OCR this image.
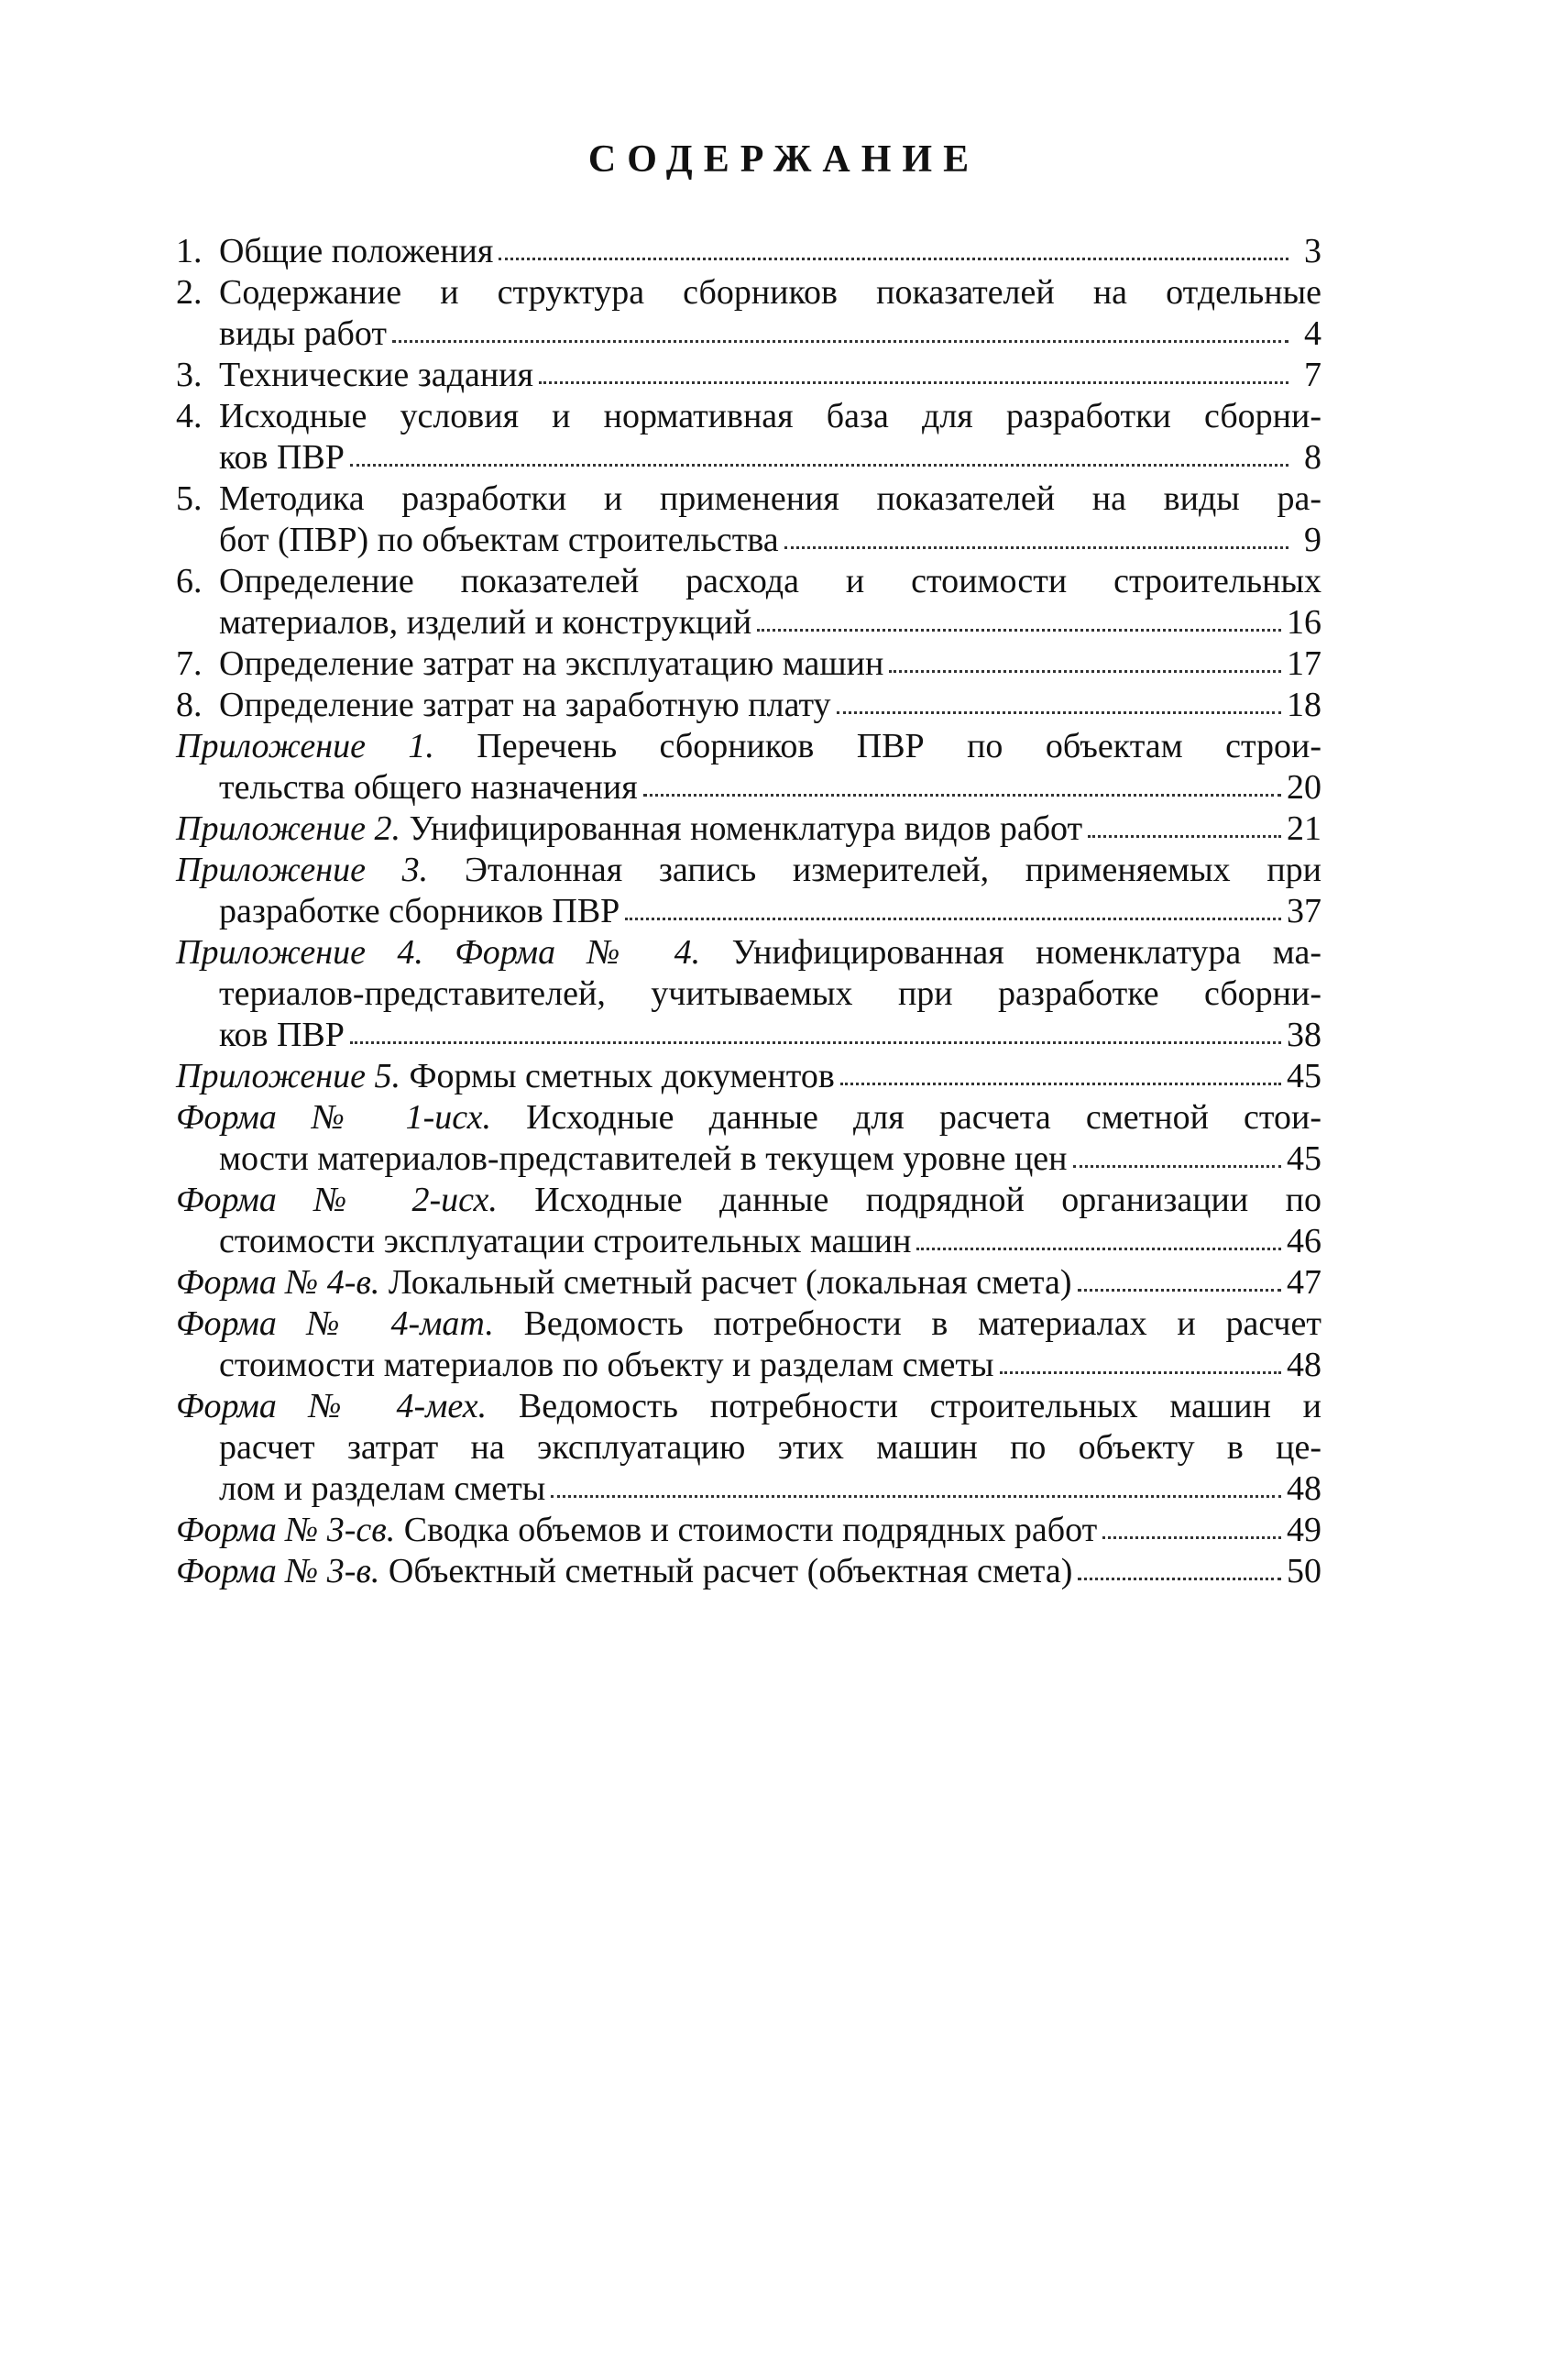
СОДЕРЖАНИЕ
1. Общие положения	3
2. Содержание и структура сборников показателей на отдельные
виды работ	4
3. Технические задания	7
4. Исходные условия и нормативная база для разработки сборни-
ков ПВР	8
5. Методика разработки и применения показателей на виды ра-
бот (ПВР) по объектам строительства	9
6. Определение показателей расхода и стоимости строительных
материалов, изделий и конструкций	16
7. Определение затрат на эксплуатацию машин	17
8. Определение затрат на заработную плату	18
Приложение 1. Перечень сборников ПВР по объектам строи-
тельства общего назначения	20
Приложение 2. Унифицированная номенклатура видов работ	21
Приложение 3. Эталонная запись измерителей, применяемых при
разработке сборников ПВР	37
Приложение 4. Форма № 4. Унифицированная номенклатура ма-
териалов-представителей, учитываемых при разработке сборни-
ков ПВР	38
Приложение 5. Формы сметных документов	45
Форма № 1-исх. Исходные данные для расчета сметной стои-
мости материалов-представителей в текущем уровне цен	45
Форма № 2-исх. Исходные данные подрядной организации по
стоимости эксплуатации строительных машин	46
Форма № 4-в. Локальный сметный расчет (локальная смета)	47
Форма № 4-мат. Ведомость потребности в материалах и расчет
стоимости материалов по объекту и разделам сметы	48
Форма № 4-мех. Ведомость потребности строительных машин и
расчет затрат на эксплуатацию этих машин по объекту в це-
лом и разделам сметы	48
Форма № 3-св. Сводка объемов и стоимости подрядных работ	49
Форма № 3-в. Объектный сметный расчет (объектная смета)	50
